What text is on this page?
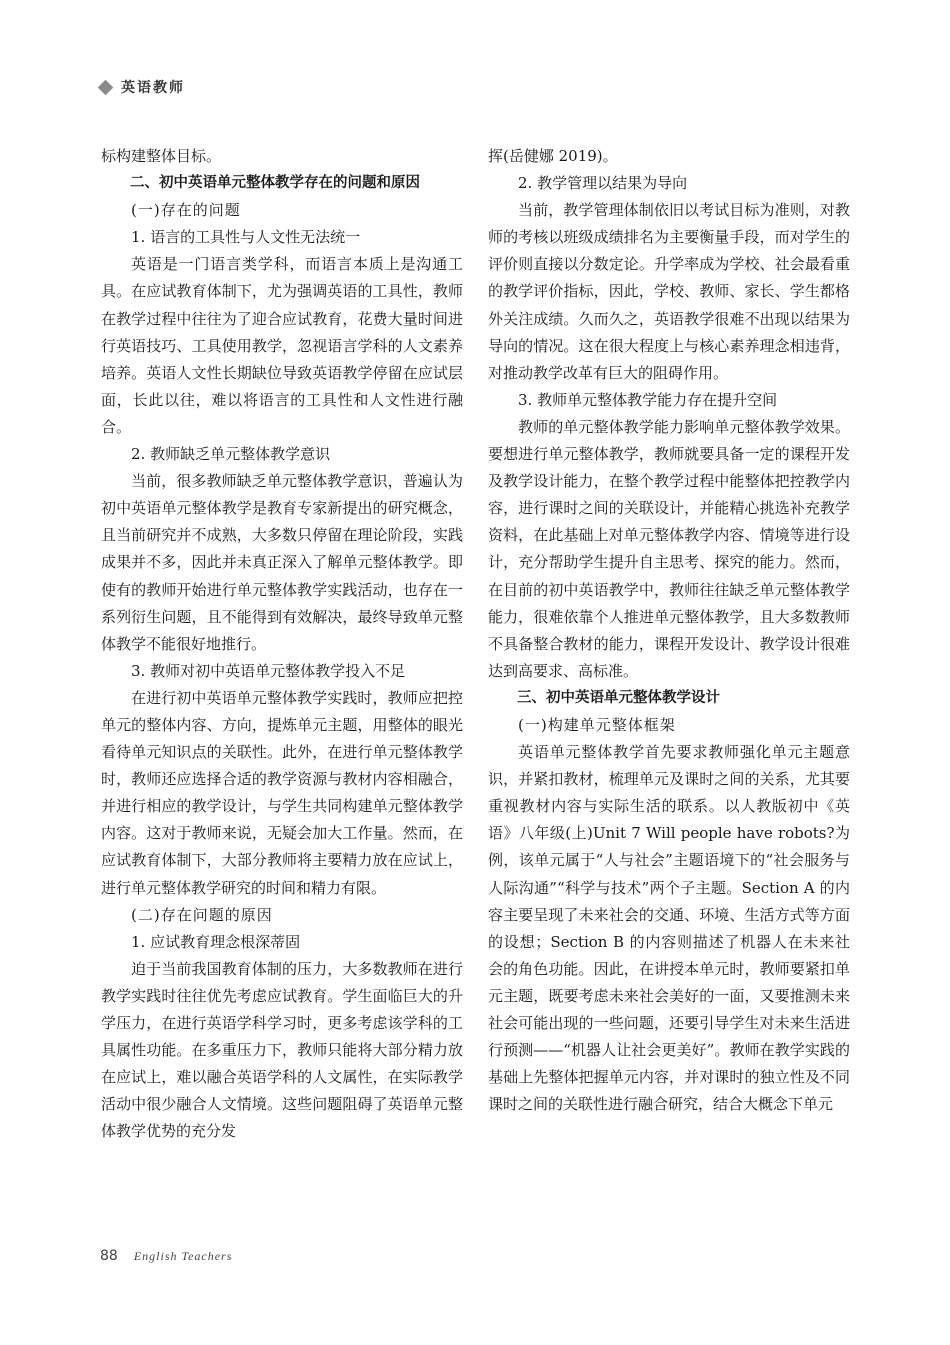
英语教师

标构建整体目标。

二、初中英语单元整体教学存在的问题和原因

(一)存在的问题

1. 语言的工具性与人文性无法统一

英语是一门语言类学科，而语言本质上是沟通工具。在应试教育体制下，尤为强调英语的工具性，教师在教学过程中往往为了迎合应试教育，花费大量时间进行英语技巧、工具使用教学，忽视语言学科的人文素养培养。英语人文性长期缺位导致英语教学停留在应试层面，长此以往，难以将语言的工具性和人文性进行融合。

2. 教师缺乏单元整体教学意识

当前，很多教师缺乏单元整体教学意识，普遍认为初中英语单元整体教学是教育专家新提出的研究概念，且当前研究并不成熟，大多数只停留在理论阶段，实践成果并不多，因此并未真正深入了解单元整体教学。即使有的教师开始进行单元整体教学实践活动，也存在一系列衍生问题，且不能得到有效解决，最终导致单元整体教学不能很好地推行。

3. 教师对初中英语单元整体教学投入不足

在进行初中英语单元整体教学实践时，教师应把控单元的整体内容、方向，提炼单元主题，用整体的眼光看待单元知识点的关联性。此外，在进行单元整体教学时，教师还应选择合适的教学资源与教材内容相融合，并进行相应的教学设计，与学生共同构建单元整体教学内容。这对于教师来说，无疑会加大工作量。然而，在应试教育体制下，大部分教师将主要精力放在应试上，进行单元整体教学研究的时间和精力有限。

(二)存在问题的原因

1. 应试教育理念根深蒂固

迫于当前我国教育体制的压力，大多数教师在进行教学实践时往往优先考虑应试教育。学生面临巨大的升学压力，在进行英语学科学习时，更多考虑该学科的工具属性功能。在多重压力下，教师只能将大部分精力放在应试上，难以融合英语学科的人文属性，在实际教学活动中很少融合人文情境。这些问题阻碍了英语单元整体教学优势的充分发

挥(岳健娜 2019)。

2. 教学管理以结果为导向

当前，教学管理体制依旧以考试目标为准则，对教师的考核以班级成绩排名为主要衡量手段，而对学生的评价则直接以分数定论。升学率成为学校、社会最看重的教学评价指标，因此，学校、教师、家长、学生都格外关注成绩。久而久之，英语教学很难不出现以结果为导向的情况。这在很大程度上与核心素养理念相违背，对推动教学改革有巨大的阻碍作用。

3. 教师单元整体教学能力存在提升空间

教师的单元整体教学能力影响单元整体教学效果。要想进行单元整体教学，教师就要具备一定的课程开发及教学设计能力，在整个教学过程中能整体把控教学内容，进行课时之间的关联设计，并能精心挑选补充教学资料，在此基础上对单元整体教学内容、情境等进行设计，充分帮助学生提升自主思考、探究的能力。然而，在目前的初中英语教学中，教师往往缺乏单元整体教学能力，很难依靠个人推进单元整体教学，且大多数教师不具备整合教材的能力，课程开发设计、教学设计很难达到高要求、高标准。

三、初中英语单元整体教学设计

(一)构建单元整体框架

英语单元整体教学首先要求教师强化单元主题意识，并紧扣教材，梳理单元及课时之间的关系，尤其要重视教材内容与实际生活的联系。以人教版初中《英语》八年级(上)Unit 7 Will people have robots?为例，该单元属于“人与社会”主题语境下的“社会服务与人际沟通”“科学与技术”两个子主题。Section A 的内容主要呈现了未来社会的交通、环境、生活方式等方面的设想；Section B 的内容则描述了机器人在未来社会的角色功能。因此，在讲授本单元时，教师要紧扣单元主题，既要考虑未来社会美好的一面，又要推测未来社会可能出现的一些问题，还要引导学生对未来生活进行预测——“机器人让社会更美好”。教师在教学实践的基础上先整体把握单元内容，并对课时的独立性及不同课时之间的关联性进行融合研究，结合大概念下单元

88 English Teachers
